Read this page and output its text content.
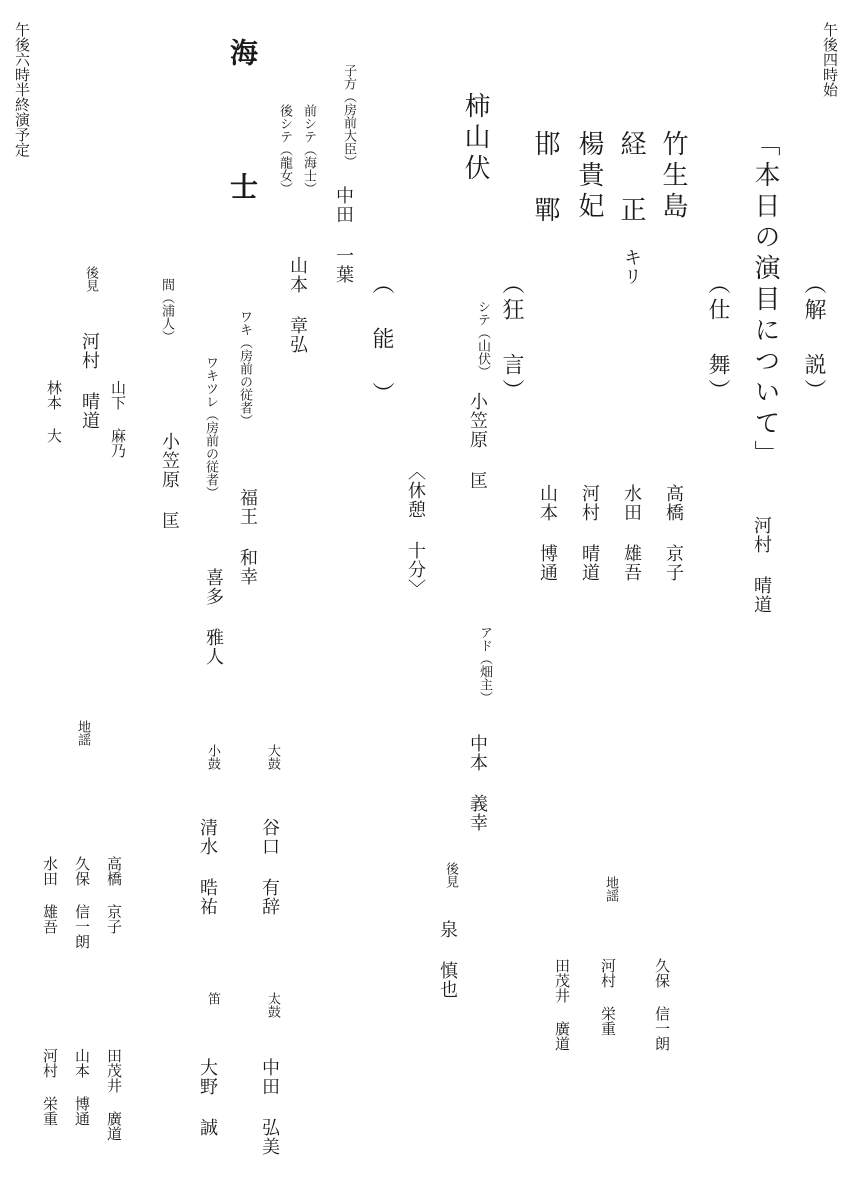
午後四時始
午後六時半終演予定
（解 説）
「本日の演目について」
河村 晴道
（仕 舞）
竹生島
高橋 京子
経 正
キリ
水田 雄吾
楊貴妃
河村 晴道
邯 鄲
山本 博通
柿山伏
（狂 言）
シテ（山伏）
小笠原 匡
アド（畑主）
中本 義幸
後見
泉 慎也
〈休憩 十分〉
（ 能 ）
海
士
子方（房前大臣）
中田 一葉
前シテ（海士）
後シテ（龍女）
山本 章弘
ワキ（房前の従者）
福王 和幸
ワキツレ（房前の従者）
喜多 雅人
間（浦人）
小笠原 匡
後見
河村 晴道 山下 麻乃
林本 大
大鼓
谷口 有辞
小鼓
清水 晧祐
太鼓
中田 弘美
笛
大野 誠
地謡
高橋 京子
久保 信一朗
水田 雄吾
田茂井 廣道
山本 博通
河村 栄重
地謡
久保 信一朗
河村 栄重
田茂井 廣道
